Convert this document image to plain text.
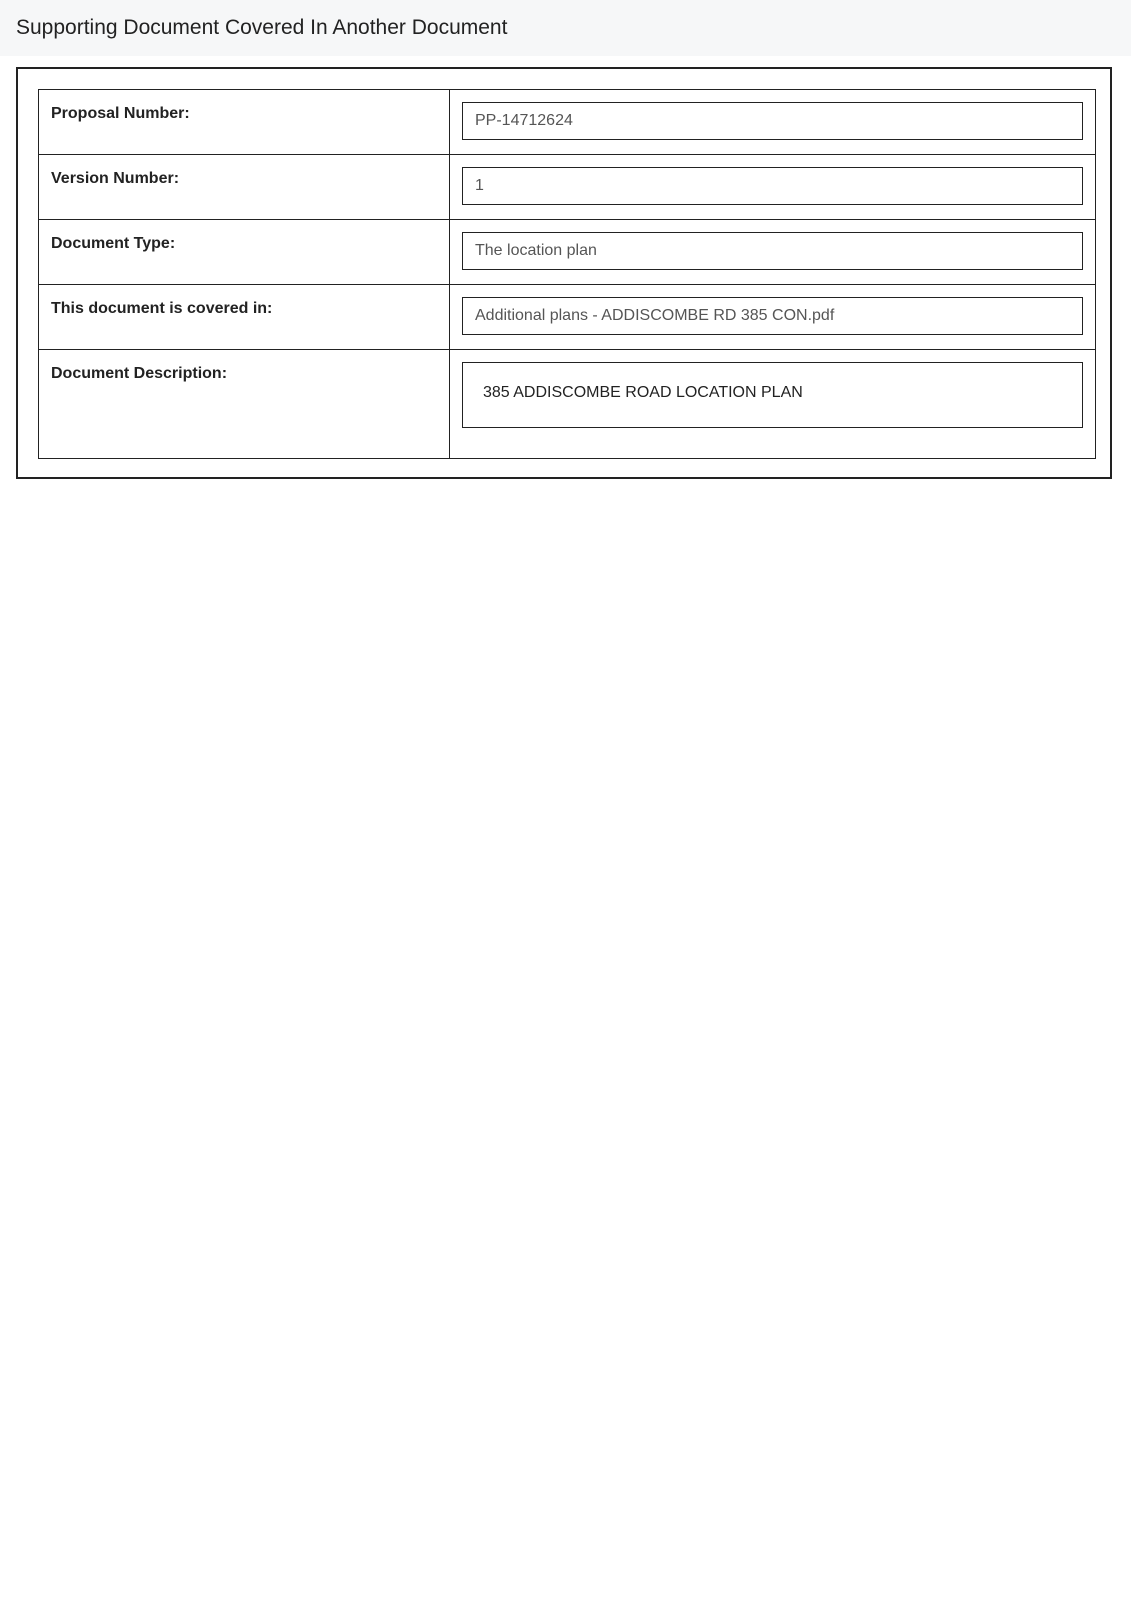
Supporting Document Covered In Another Document
Proposal Number:	PP-14712624

Version Number:	1

Document Type:	The location plan

This document is covered in:	Additional plans - ADDISCOMBE RD 385 CON.pdf

Document Description:	385 ADDISCOMBE ROAD LOCATION PLAN
